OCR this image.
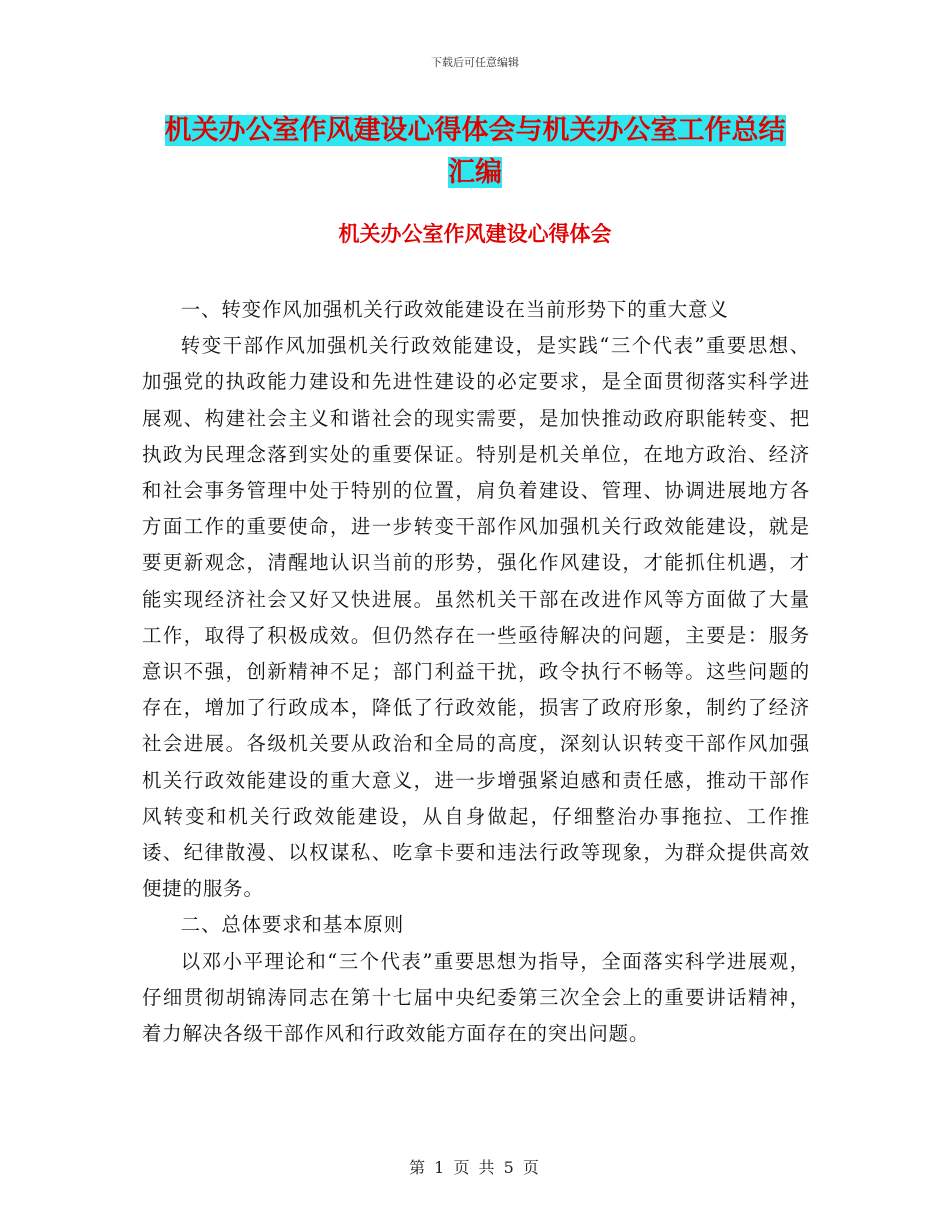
下载后可任意编辑
机关办公室作风建设心得体会与机关办公室工作总结
汇编
机关办公室作风建设心得体会

一、转变作风加强机关行政效能建设在当前形势下的重大意义

转变干部作风加强机关行政效能建设，是实践“三个代表”重要思想、加强党的执政能力建设和先进性建设的必定要求，是全面贯彻落实科学进展观、构建社会主义和谐社会的现实需要，是加快推动政府职能转变、把执政为民理念落到实处的重要保证。特别是机关单位，在地方政治、经济和社会事务管理中处于特别的位置，肩负着建设、管理、协调进展地方各方面工作的重要使命，进一步转变干部作风加强机关行政效能建设，就是要更新观念，清醒地认识当前的形势，强化作风建设，才能抓住机遇，才能实现经济社会又好又快进展。虽然机关干部在改进作风等方面做了大量工作，取得了积极成效。但仍然存在一些亟待解决的问题，主要是：服务意识不强，创新精神不足；部门利益干扰，政令执行不畅等。这些问题的存在，增加了行政成本，降低了行政效能，损害了政府形象，制约了经济社会进展。各级机关要从政治和全局的高度，深刻认识转变干部作风加强机关行政效能建设的重大意义，进一步增强紧迫感和责任感，推动干部作风转变和机关行政效能建设，从自身做起，仔细整治办事拖拉、工作推诿、纪律散漫、以权谋私、吃拿卡要和违法行政等现象，为群众提供高效便捷的服务。

二、总体要求和基本原则

以邓小平理论和“三个代表”重要思想为指导，全面落实科学进展观，仔细贯彻胡锦涛同志在第十七届中央纪委第三次全会上的重要讲话精神，着力解决各级干部作风和行政效能方面存在的突出问题。

第 1 页 共 5 页
